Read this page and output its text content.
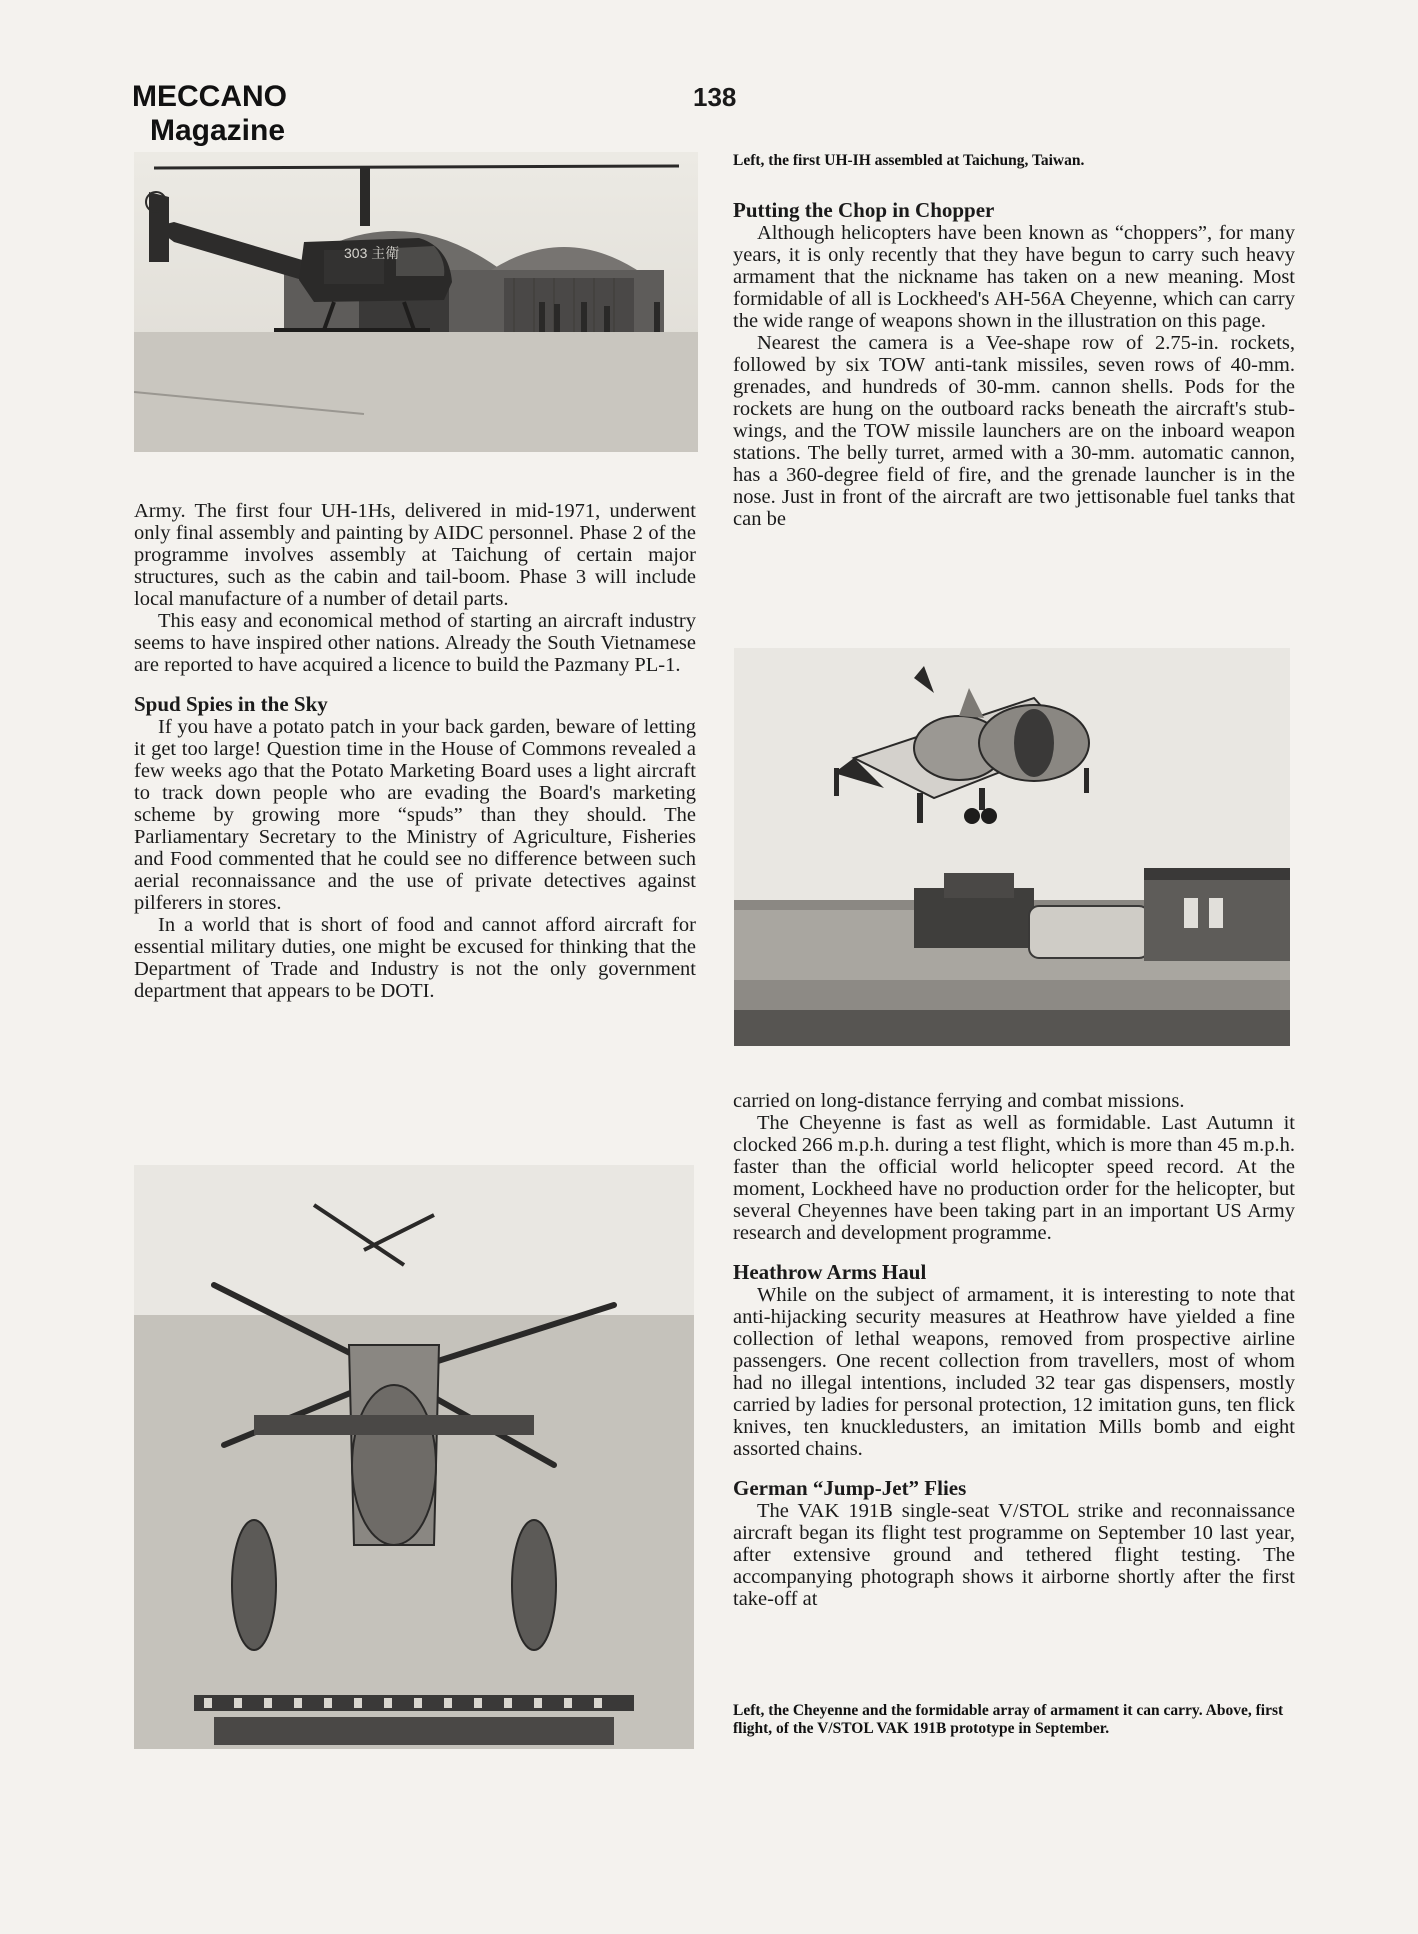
MECCANO
Magazine
138
303 主衛
Left, the first UH-IH assembled at Taichung, Taiwan.
Putting the Chop in Chopper

Although helicopters have been known as “choppers”, for many years, it is only recently that they have begun to carry such heavy armament that the nickname has taken on a new meaning. Most formidable of all is Lockheed's AH-56A Cheyenne, which can carry the wide range of weapons shown in the illustration on this page.

Nearest the camera is a Vee-shape row of 2.75-in. rockets, followed by six TOW anti-tank missiles, seven rows of 40-mm. grenades, and hundreds of 30-mm. cannon shells. Pods for the rockets are hung on the outboard racks beneath the aircraft's stub-wings, and the TOW missile launchers are on the inboard weapon stations. The belly turret, armed with a 30-mm. automatic cannon, has a 360-degree field of fire, and the grenade launcher is in the nose. Just in front of the aircraft are two jettisonable fuel tanks that can be

Army. The first four UH-1Hs, delivered in mid-1971, underwent only final assembly and painting by AIDC personnel. Phase 2 of the programme involves assembly at Taichung of certain major structures, such as the cabin and tail-boom. Phase 3 will include local manufacture of a number of detail parts.

This easy and economical method of starting an aircraft industry seems to have inspired other nations. Already the South Vietnamese are reported to have acquired a licence to build the Pazmany PL-1.

Spud Spies in the Sky

If you have a potato patch in your back garden, beware of letting it get too large! Question time in the House of Commons revealed a few weeks ago that the Potato Marketing Board uses a light aircraft to track down people who are evading the Board's marketing scheme by growing more “spuds” than they should. The Parliamentary Secretary to the Ministry of Agriculture, Fisheries and Food commented that he could see no difference between such aerial reconnaissance and the use of private detectives against pilferers in stores.

In a world that is short of food and cannot afford aircraft for essential military duties, one might be excused for thinking that the Department of Trade and Industry is not the only government department that appears to be DOTI.

carried on long-distance ferrying and combat missions.

The Cheyenne is fast as well as formidable. Last Autumn it clocked 266 m.p.h. during a test flight, which is more than 45 m.p.h. faster than the official world helicopter speed record. At the moment, Lockheed have no production order for the helicopter, but several Cheyennes have been taking part in an important US Army research and development programme.

Heathrow Arms Haul

While on the subject of armament, it is interesting to note that anti-hijacking security measures at Heathrow have yielded a fine collection of lethal weapons, removed from prospective airline passengers. One recent collection from travellers, most of whom had no illegal intentions, included 32 tear gas dispensers, mostly carried by ladies for personal protection, 12 imitation guns, ten flick knives, ten knuckledusters, an imitation Mills bomb and eight assorted chains.

German “Jump-Jet” Flies

The VAK 191B single-seat V/STOL strike and reconnaissance aircraft began its flight test programme on September 10 last year, after extensive ground and tethered flight testing. The accompanying photograph shows it airborne shortly after the first take-off at

Left, the Cheyenne and the formidable array of armament it can carry. Above, first flight, of the V/STOL VAK 191B prototype in September.
